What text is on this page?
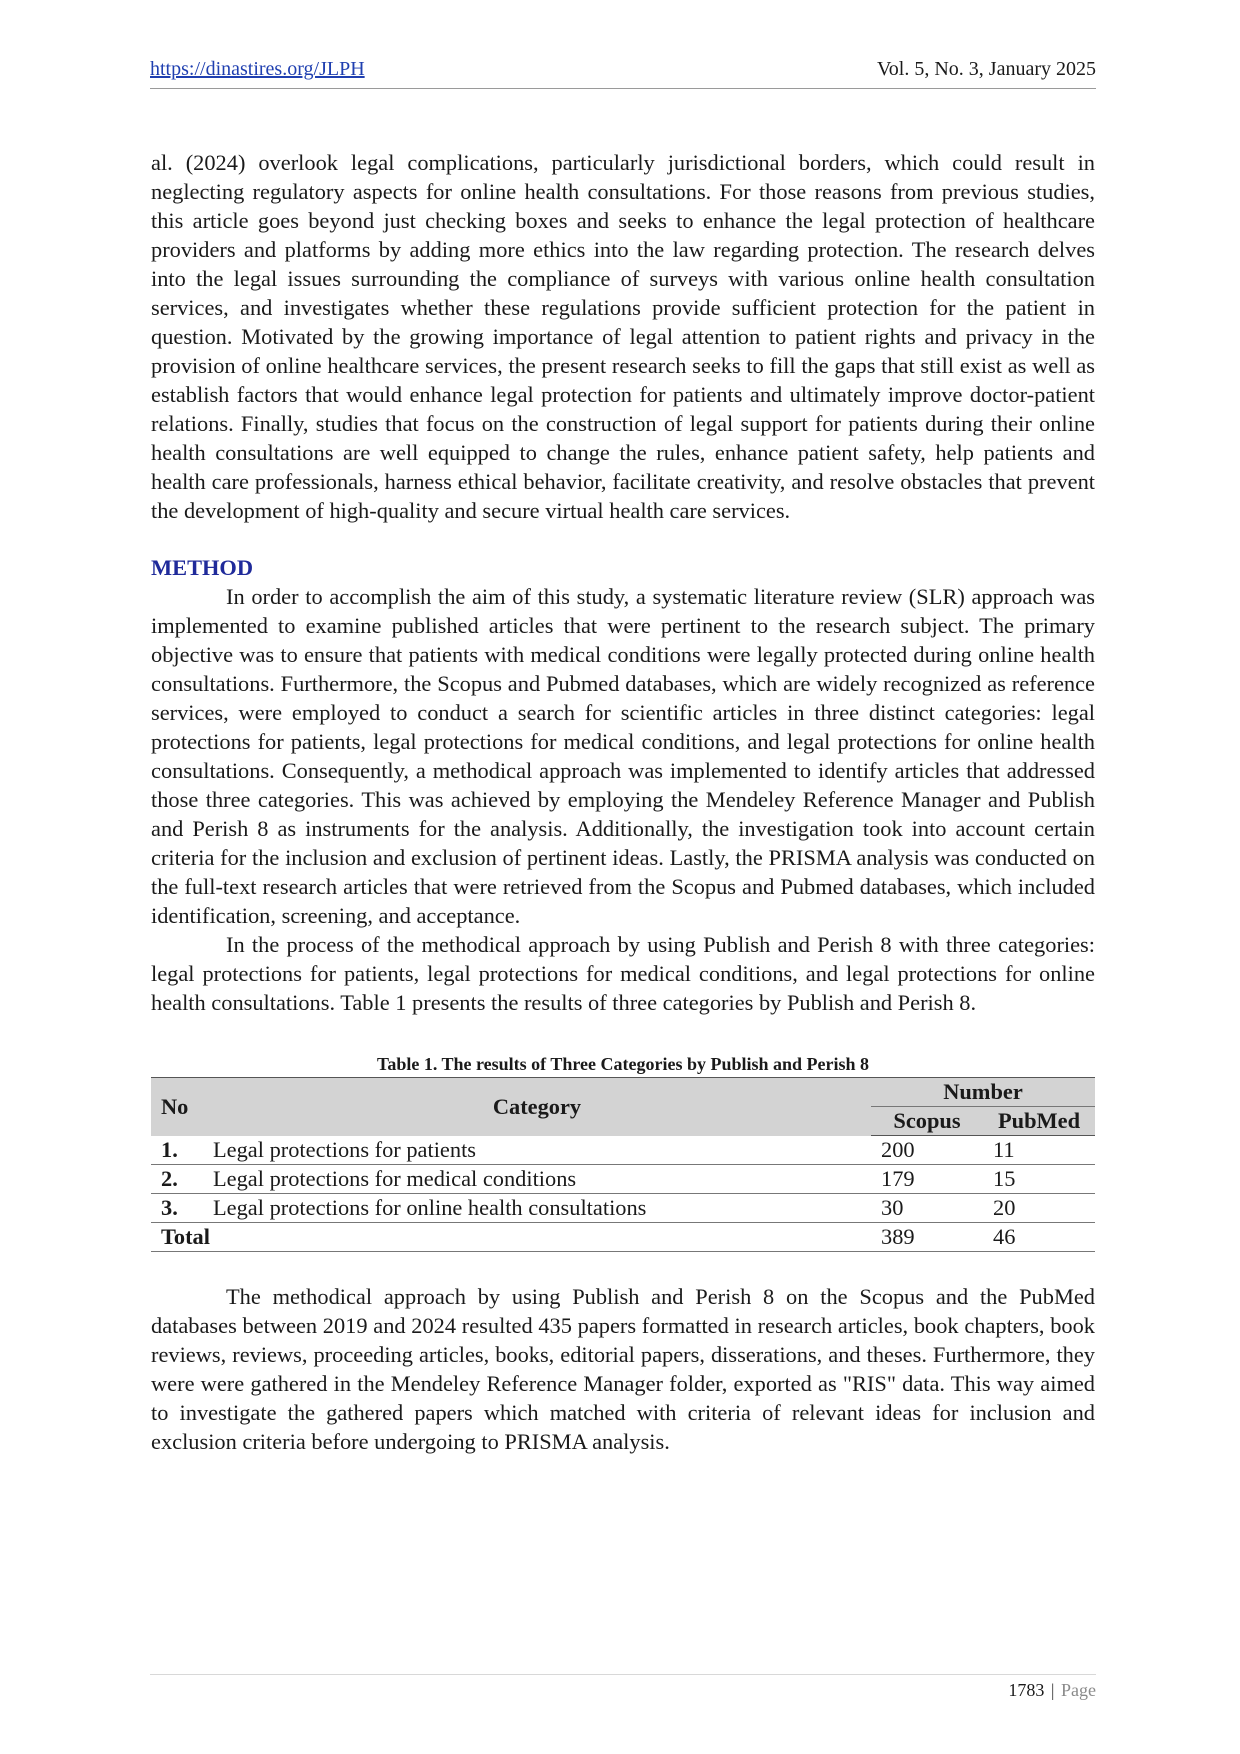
https://dinastires.org/JLPH	Vol. 5, No. 3, January 2025

al. (2024) overlook legal complications, particularly jurisdictional borders, which could result in neglecting regulatory aspects for online health consultations. For those reasons from previous studies, this article goes beyond just checking boxes and seeks to enhance the legal protection of healthcare providers and platforms by adding more ethics into the law regarding protection. The research delves into the legal issues surrounding the compliance of surveys with various online health consultation services, and investigates whether these regulations provide sufficient protection for the patient in question. Motivated by the growing importance of legal attention to patient rights and privacy in the provision of online healthcare services, the present research seeks to fill the gaps that still exist as well as establish factors that would enhance legal protection for patients and ultimately improve doctor-patient relations. Finally, studies that focus on the construction of legal support for patients during their online health consultations are well equipped to change the rules, enhance patient safety, help patients and health care professionals, harness ethical behavior, facilitate creativity, and resolve obstacles that prevent the development of high-quality and secure virtual health care services.

METHOD

In order to accomplish the aim of this study, a systematic literature review (SLR) approach was implemented to examine published articles that were pertinent to the research subject. The primary objective was to ensure that patients with medical conditions were legally protected during online health consultations. Furthermore, the Scopus and Pubmed databases, which are widely recognized as reference services, were employed to conduct a search for scientific articles in three distinct categories: legal protections for patients, legal protections for medical conditions, and legal protections for online health consultations. Consequently, a methodical approach was implemented to identify articles that addressed those three categories. This was achieved by employing the Mendeley Reference Manager and Publish and Perish 8 as instruments for the analysis. Additionally, the investigation took into account certain criteria for the inclusion and exclusion of pertinent ideas. Lastly, the PRISMA analysis was conducted on the full-text research articles that were retrieved from the Scopus and Pubmed databases, which included identification, screening, and acceptance.

In the process of the methodical approach by using Publish and Perish 8 with three categories: legal protections for patients, legal protections for medical conditions, and legal protections for online health consultations. Table 1 presents the results of three categories by Publish and Perish 8.

Table 1. The results of Three Categories by Publish and Perish 8
No	Category	Number	
		Scopus	PubMed
1.	Legal protections for patients	200	11
2.	Legal protections for medical conditions	179	15
3.	Legal protections for online health consultations	30	20
Total		389	46

The methodical approach by using Publish and Perish 8 on the Scopus and the PubMed databases between 2019 and 2024 resulted 435 papers formatted in research articles, book chapters, book reviews, reviews, proceeding articles, books, editorial papers, disserations, and theses. Furthermore, they were were gathered in the Mendeley Reference Manager folder, exported as "RIS" data. This way aimed to investigate the gathered papers which matched with criteria of relevant ideas for inclusion and exclusion criteria before undergoing to PRISMA analysis.

1783 | Page
